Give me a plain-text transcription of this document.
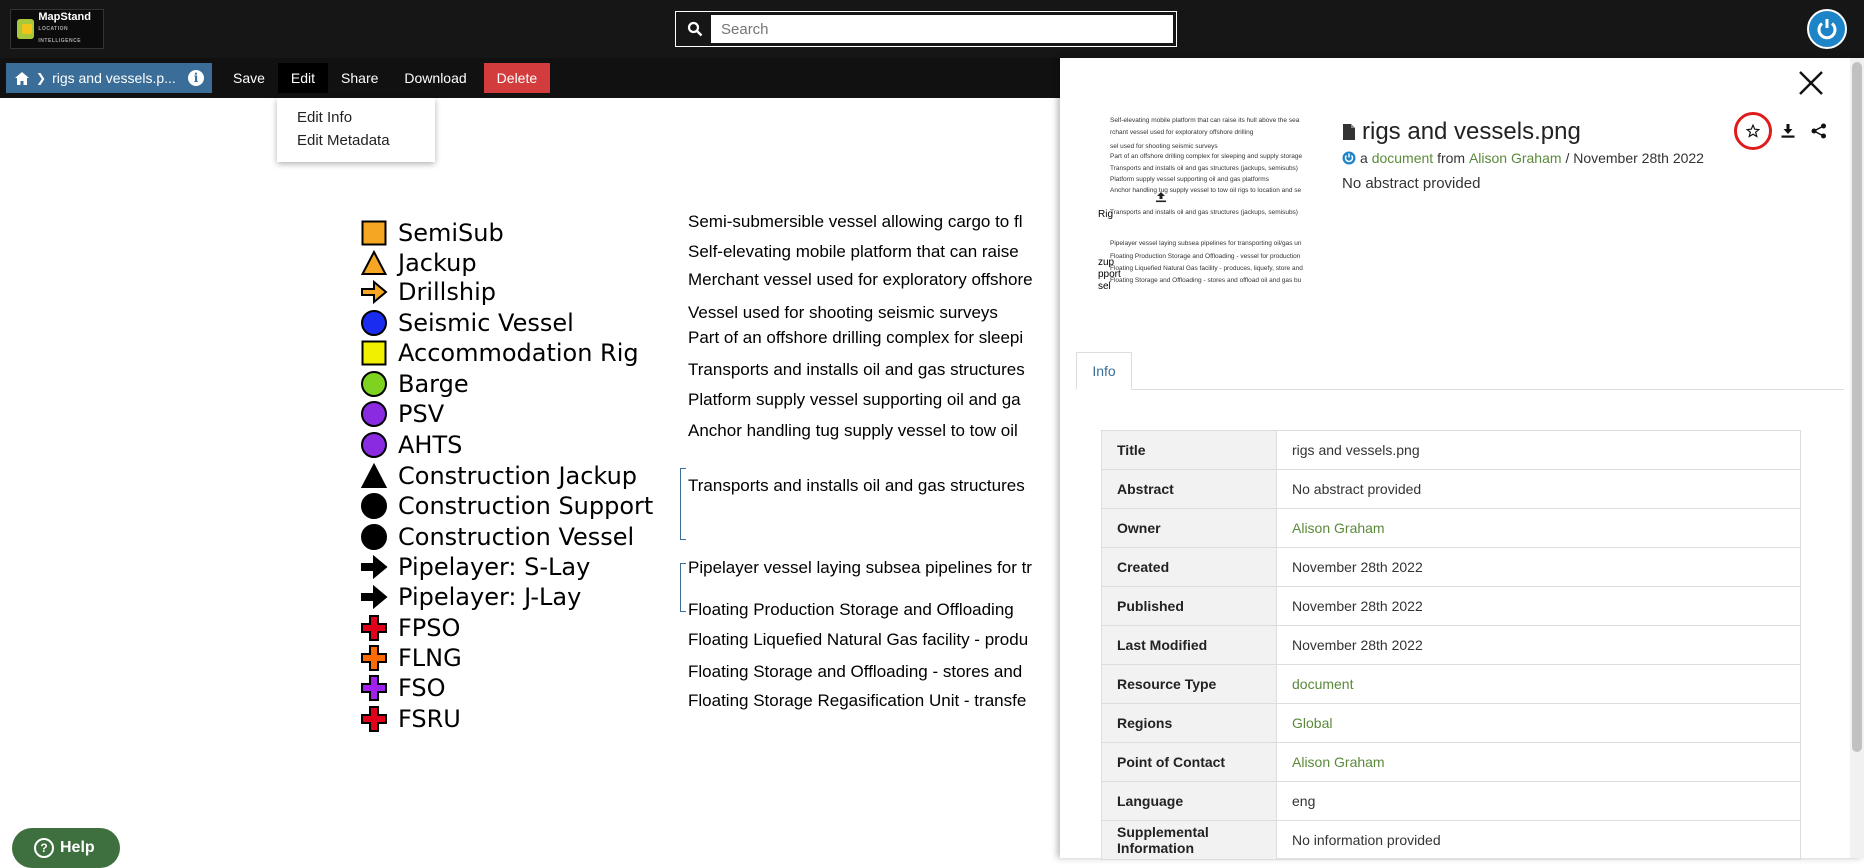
MapStand
LOCATION INTELLIGENCE
Search
❯ rigs and vessels.p...	i	Save	Edit	Share	Download	Delete
Edit Info
Edit Metadata
SemiSub
Jackup
Drillship
Seismic Vessel
Accommodation Rig
Barge
PSV
AHTS
Construction Jackup
Construction Support
Construction Vessel
Pipelayer: S-Lay
Pipelayer: J-Lay
FPSO
FLNG
FSO
FSRU
Semi-submersible vessel allowing cargo to fl
Self-elevating mobile platform that can raise
Merchant vessel used for exploratory offshore
Vessel used for shooting seismic surveys
Part of an offshore drilling complex for sleepi
Transports and installs oil and gas structures
Platform supply vessel supporting oil and ga
Anchor handling tug supply vessel to tow oil
Transports and installs oil and gas structures
Pipelayer vessel laying subsea pipelines for tr
Floating Production Storage and Offloading
Floating Liquefied Natural Gas facility - produ
Floating Storage and Offloading - stores and
Floating Storage Regasification Unit - transfe
Self-elevating mobile platform that can raise its hull above the sea
rchant vessel used for exploratory offshore drilling
sel used for shooting seismic surveys
Part of an offshore drilling complex for sleeping and supply storage
Transports and installs oil and gas structures (jackups, semisubs)
Platform supply vessel supporting oil and gas platforms
Anchor handling tug supply vessel to tow oil rigs to location and se
Transports and installs oil and gas structures (jackups, semisubs)
Pipelayer vessel laying subsea pipelines for transporting oil/gas un
Floating Production Storage and Offloading - vessel for production
Floating Liquefied Natural Gas facility - produces, liquefy, store and
Floating Storage and Offloading - stores and offload oil and gas bu
Rig
zup
pport
sel
rigs and vessels.png
a
document
from
Alison Graham
/ November 28th 2022
No abstract provided
Info
Title	rigs and vessels.png
Abstract	No abstract provided
Owner	Alison Graham
Created	November 28th 2022
Published	November 28th 2022
Last Modified	November 28th 2022
Resource Type	document
Regions	Global
Point of Contact	Alison Graham
Language	eng
Supplemental Information	No information provided
? Help
